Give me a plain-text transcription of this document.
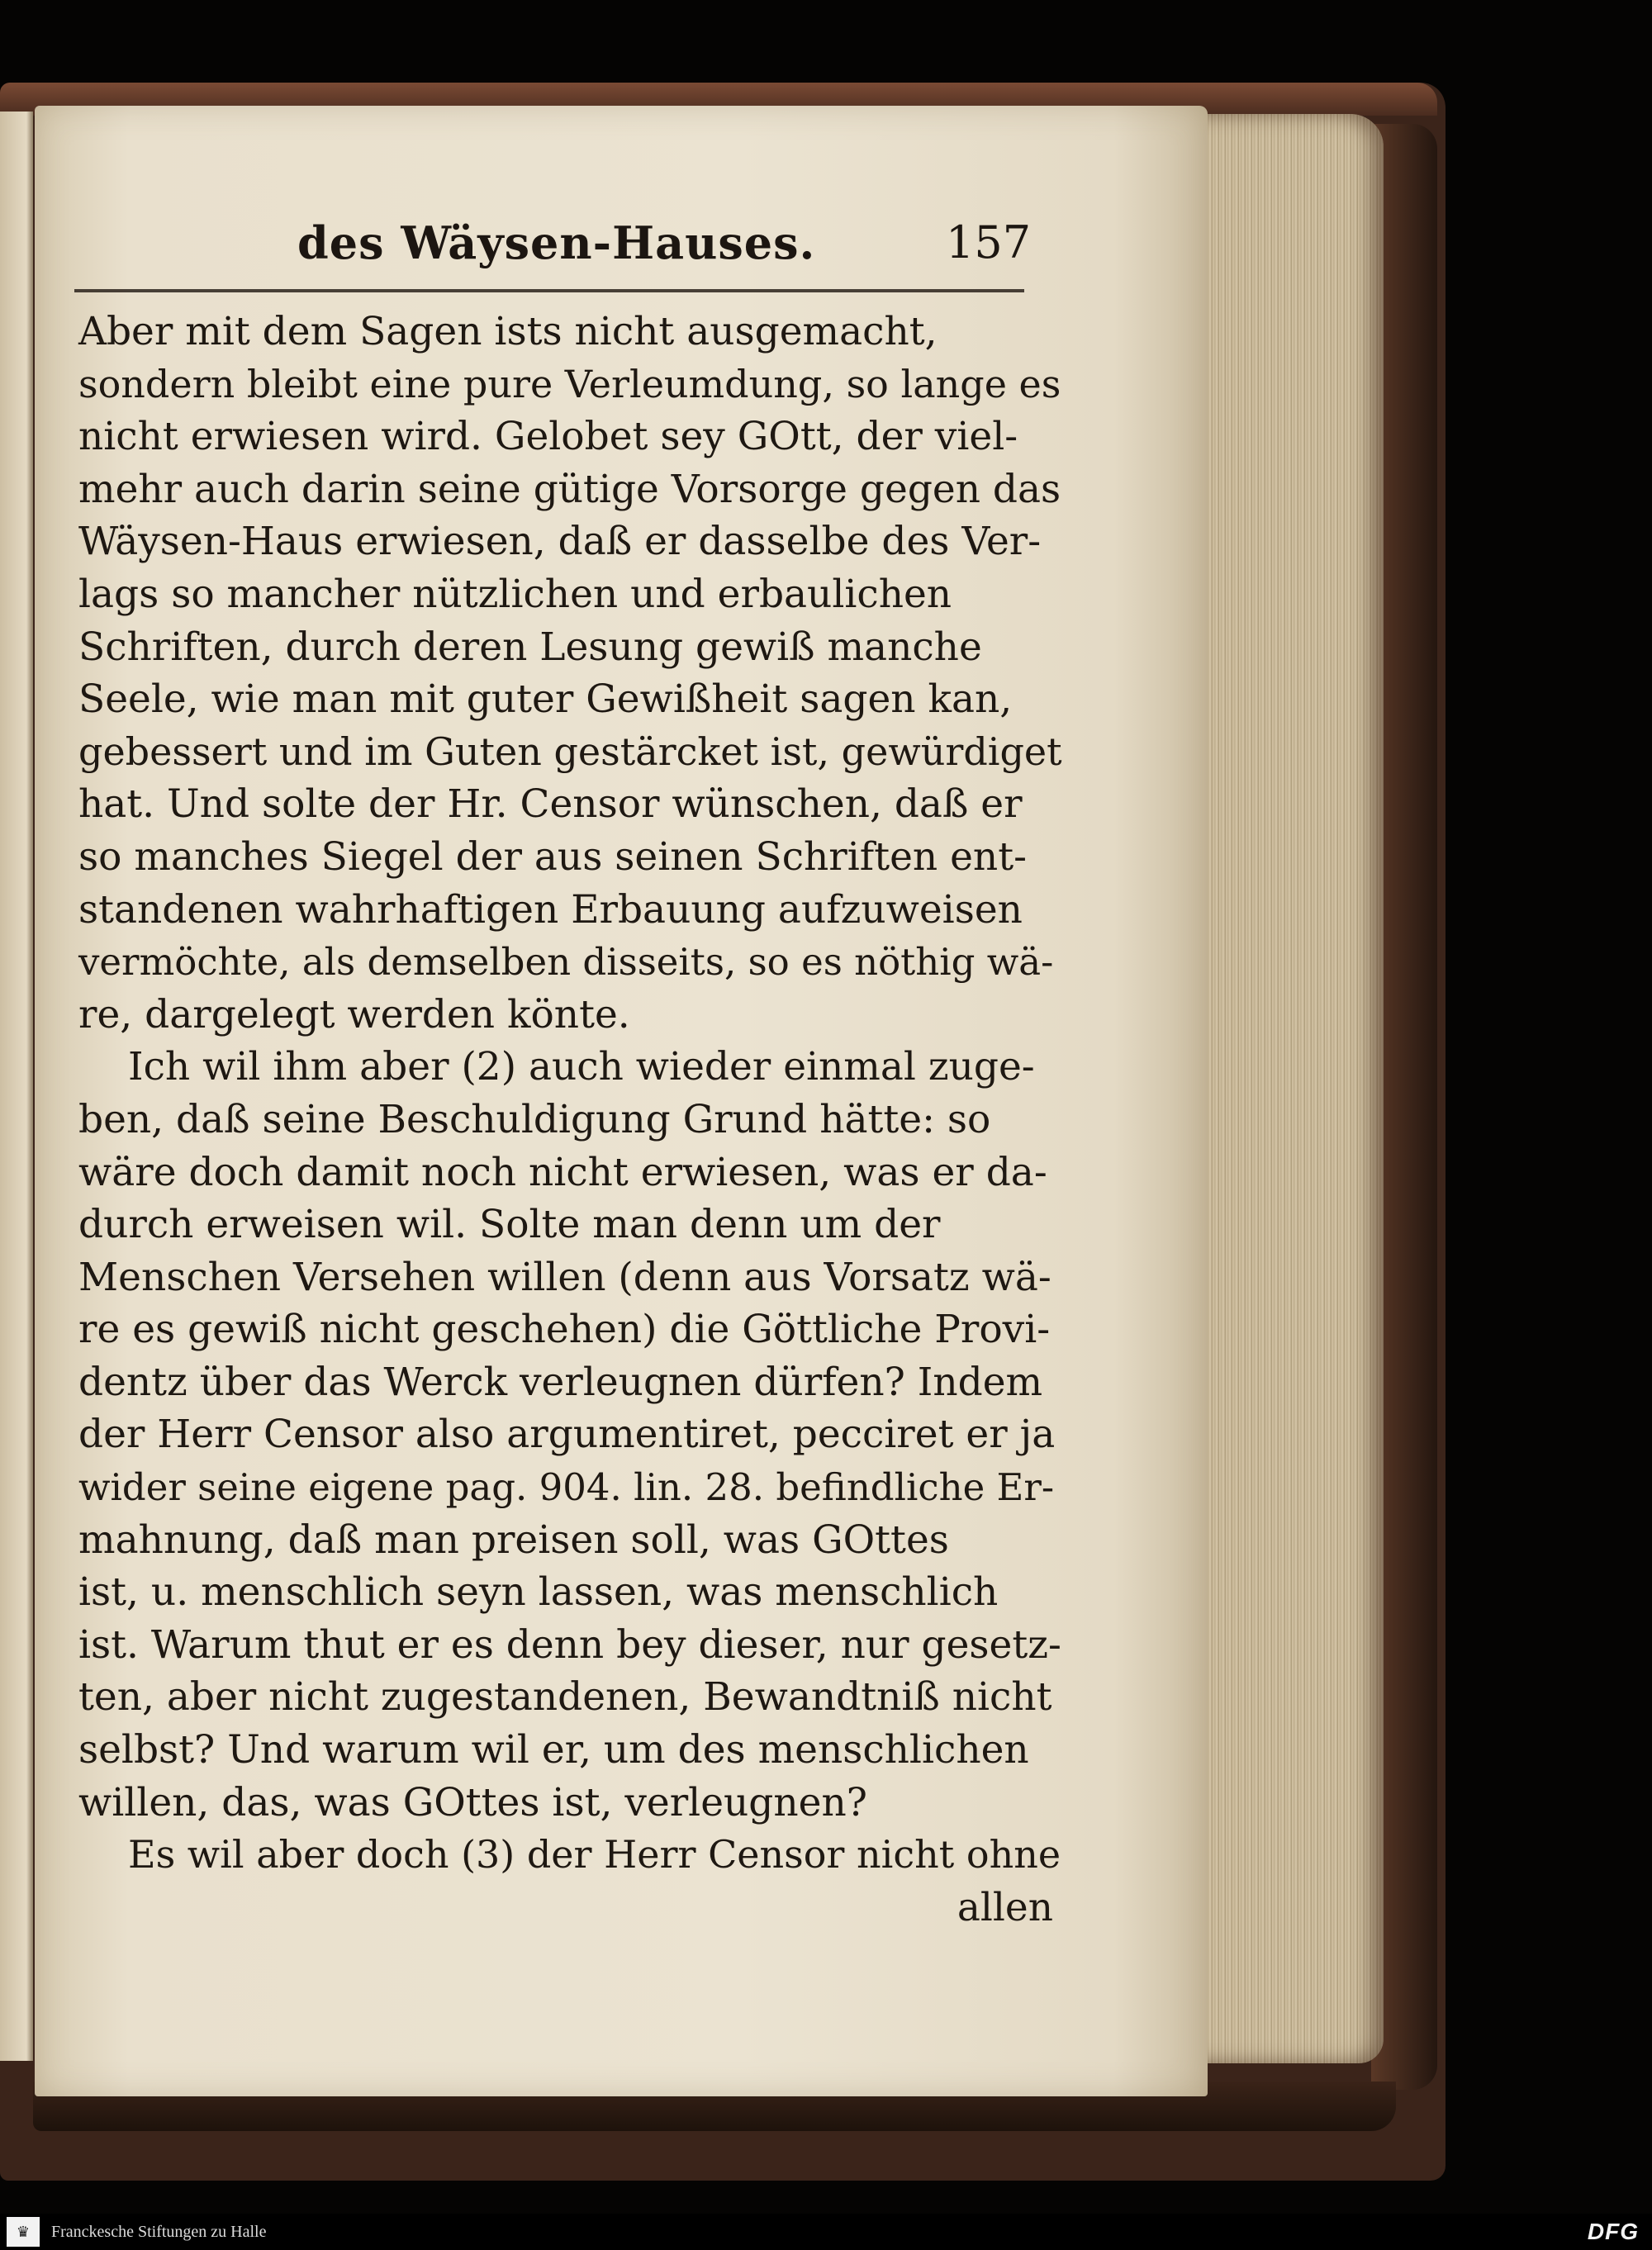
des Wäysen-Hauses.	157
Aber mit dem Sagen ists nicht ausgemacht,
sondern bleibt eine pure Verleumdung, so lange es
nicht erwiesen wird. Gelobet sey GOtt, der viel-
mehr auch darin seine gütige Vorsorge gegen das
Wäysen-Haus erwiesen, daß er dasselbe des Ver-
lags so mancher nützlichen und erbaulichen
Schriften, durch deren Lesung gewiß manche
Seele, wie man mit guter Gewißheit sagen kan,
gebessert und im Guten gestärcket ist, gewürdiget
hat. Und solte der Hr. Censor wünschen, daß er
so manches Siegel der aus seinen Schriften ent-
standenen wahrhaftigen Erbauung aufzuweisen
vermöchte, als demselben disseits, so es nöthig wä-
re, dargelegt werden könte.
Ich wil ihm aber (2) auch wieder einmal zuge-
ben, daß seine Beschuldigung Grund hätte: so
wäre doch damit noch nicht erwiesen, was er da-
durch erweisen wil. Solte man denn um der
Menschen Versehen willen (denn aus Vorsatz wä-
re es gewiß nicht geschehen) die Göttliche Provi-
dentz über das Werck verleugnen dürfen? Indem
der Herr Censor also argumentiret, pecciret er ja
wider seine eigene pag. 904. lin. 28. befindliche Er-
mahnung, daß man preisen soll, was GOttes
ist, u. menschlich seyn lassen, was menschlich
ist. Warum thut er es denn bey dieser, nur gesetz-
ten, aber nicht zugestandenen, Bewandtniß nicht
selbst? Und warum wil er, um des menschlichen
willen, das, was GOttes ist, verleugnen?
Es wil aber doch (3) der Herr Censor nicht ohne
allen
♛	Franckesche Stiftungen zu Halle	DFG
